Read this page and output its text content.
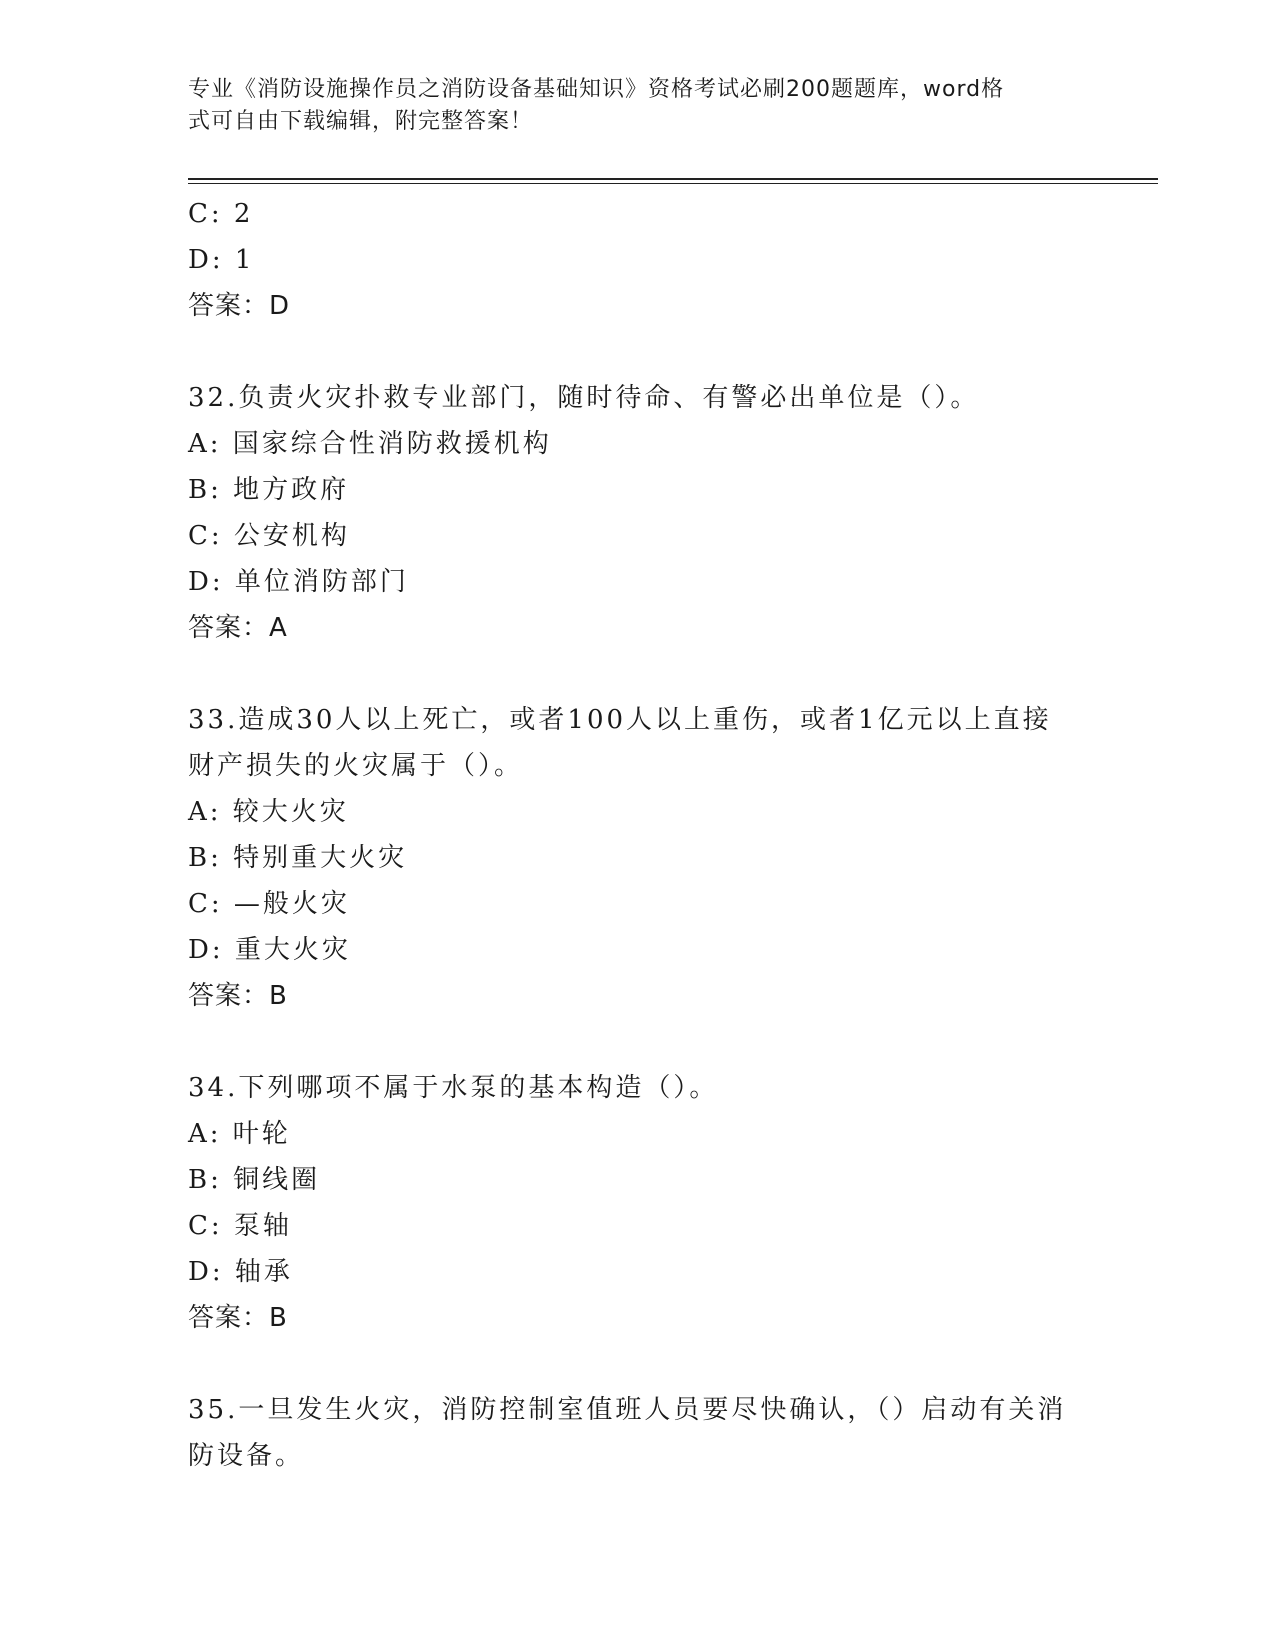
专业《消防设施操作员之消防设备基础知识》资格考试必刷200题题库，word格
式可自由下载编辑，附完整答案！
C: 2
D: 1
答案：D
32.负责火灾扑救专业部门，随时待命、有警必出单位是（）。
A: 国家综合性消防救援机构
B: 地方政府
C: 公安机构
D: 单位消防部门
答案：A
33.造成30人以上死亡，或者100人以上重伤，或者1亿元以上直接
财产损失的火灾属于（）。
A: 较大火灾
B: 特别重大火灾
C: —般火灾
D: 重大火灾
答案：B
34.下列哪项不属于水泵的基本构造（）。
A: 叶轮
B: 铜线圈
C: 泵轴
D: 轴承
答案：B
35.一旦发生火灾，消防控制室值班人员要尽快确认，（）启动有关消
防设备。
